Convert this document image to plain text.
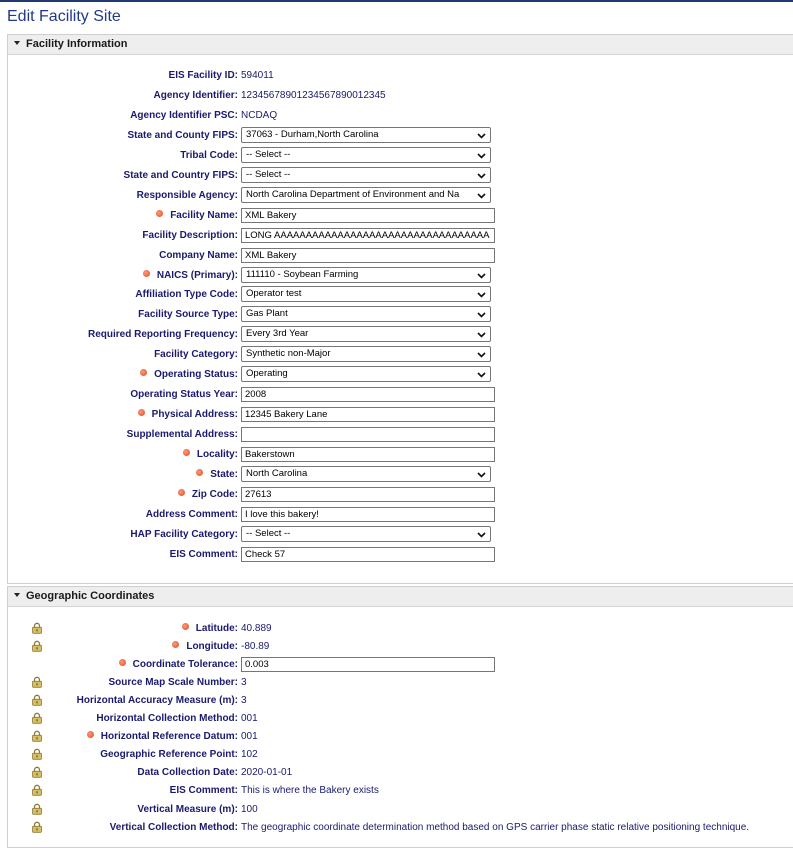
Edit Facility Site
Facility Information
EIS Facility ID: 594011
Agency Identifier: 12345678901234567890012345
Agency Identifier PSC: NCDAQ
State and County FIPS: 37063 - Durham,North Carolina
Tribal Code: -- Select --
State and Country FIPS: -- Select --
Responsible Agency: North Carolina Department of Environment and Na
Facility Name:
XML Bakery
Facility Description:
LONG AAAAAAAAAAAAAAAAAAAAAAAAAAAAAAAAAA
Company Name:
XML Bakery
NAICS (Primary): 111110 - Soybean Farming
Affiliation Type Code: Operator test
Facility Source Type: Gas Plant
Required Reporting Frequency: Every 3rd Year
Facility Category: Synthetic non-Major
Operating Status: Operating
Operating Status Year:
2008
Physical Address:
12345 Bakery Lane
Supplemental Address:
Locality:
Bakerstown
State: North Carolina
Zip Code:
27613
Address Comment:
I love this bakery!
HAP Facility Category: -- Select --
EIS Comment:
Check 57
Geographic Coordinates
Latitude: 40.889
Longitude: -80.89
Coordinate Tolerance:
0.003
Source Map Scale Number: 3
Horizontal Accuracy Measure (m): 3
Horizontal Collection Method: 001
Horizontal Reference Datum: 001
Geographic Reference Point: 102
Data Collection Date: 2020-01-01
EIS Comment: This is where the Bakery exists
Vertical Measure (m): 100
Vertical Collection Method: The geographic coordinate determination method based on GPS carrier phase static relative positioning technique.
